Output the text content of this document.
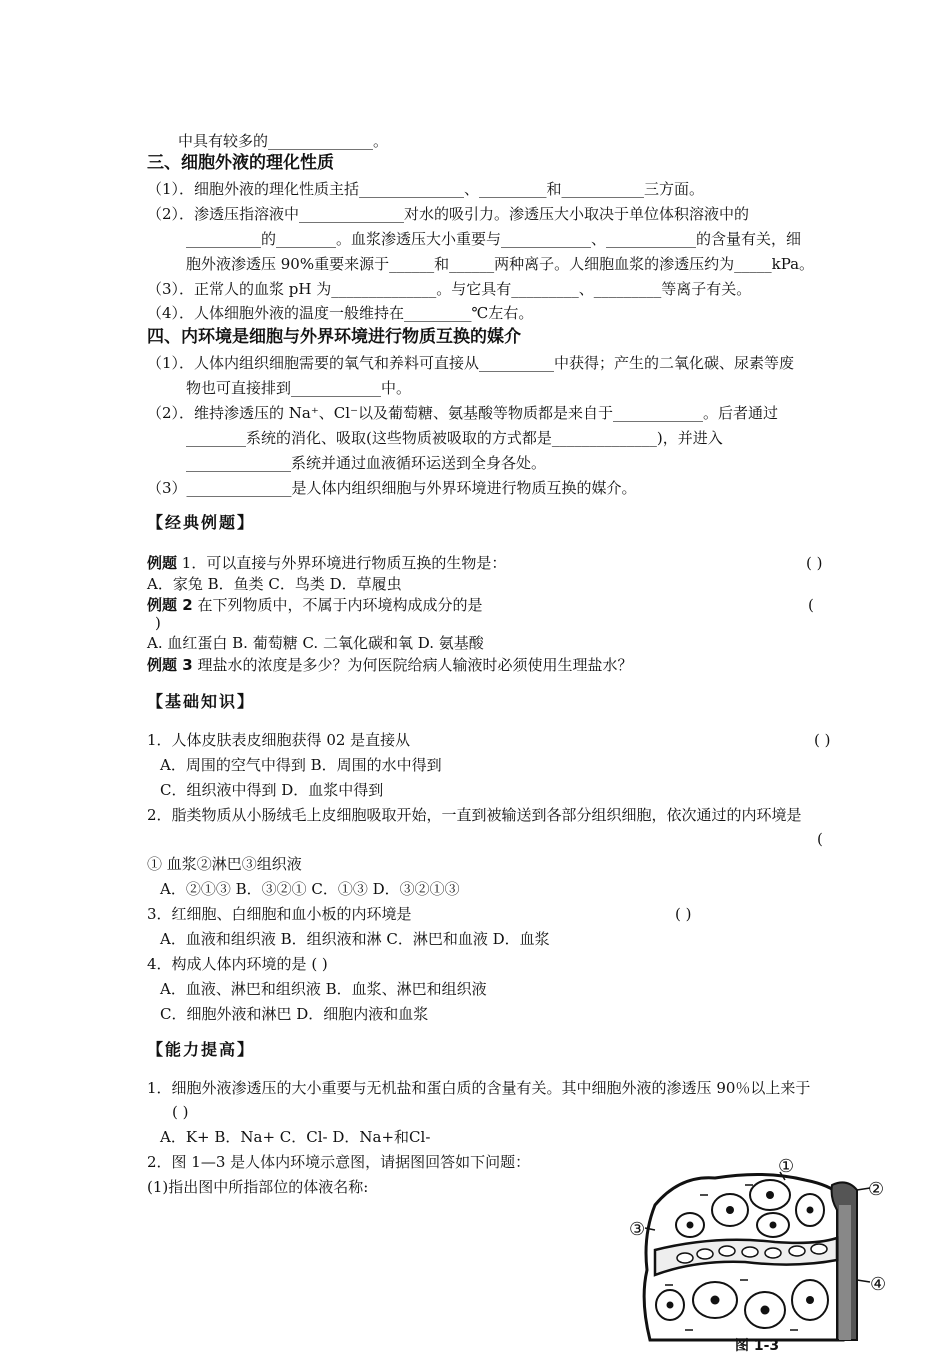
中具有较多的______________。
三、细胞外液的理化性质
（1）．细胞外液的理化性质主括______________、_________和___________三方面。
（2）．渗透压指溶液中______________对水的吸引力。渗透压大小取决于单位体积溶液中的
__________的________。血浆渗透压大小重要与____________、____________的含量有关，细
胞外液渗透压 90%重要来源于______和______两种离子。人细胞血浆的渗透压约为_____kPa。
（3）．正常人的血浆 pH 为______________。与它具有_________、_________等离子有关。
（4）．人体细胞外液的温度一般维持在_________℃左右。
四、内环境是细胞与外界环境进行物质互换的媒介
（1）．人体内组织细胞需要的氧气和养料可直接从__________中获得；产生的二氧化碳、尿素等废
物也可直接排到____________中。
（2）．维持渗透压的 Na⁺、Cl⁻以及葡萄糖、氨基酸等物质都是来自于____________。后者通过
________系统的消化、吸取(这些物质被吸取的方式都是______________)，并进入
______________系统并通过血液循环运送到全身各处。
（3）______________是人体内组织细胞与外界环境进行物质互换的媒介。
【经典例题】
例题 1．可以直接与外界环境进行物质互换的生物是：	( )
A．家兔 B．鱼类 C．鸟类 D．草履虫
例题 2 在下列物质中，不属于内环境构成成分的是	(
)
A. 血红蛋白 B. 葡萄糖 C. 二氧化碳和氧 D. 氨基酸
例题 3 理盐水的浓度是多少？为何医院给病人输液时必须使用生理盐水？
【基础知识】
1．人体皮肤表皮细胞获得 02 是直接从	( )
A．周围的空气中得到 B．周围的水中得到
C．组织液中得到 D．血浆中得到
2．脂类物质从小肠绒毛上皮细胞吸取开始，一直到被输送到各部分组织细胞，依次通过的内环境是
(
① 血浆②淋巴③组织液
A．②①③ B．③②① C．①③ D．③②①③
3．红细胞、白细胞和血小板的内环境是	( )
A．血液和组织液 B．组织液和淋 C．淋巴和血液 D．血浆
4．构成人体内环境的是 ( )
A．血液、淋巴和组织液 B．血浆、淋巴和组织液
C．细胞外液和淋巴 D．细胞内液和血浆
【能力提高】
1．细胞外液渗透压的大小重要与无机盐和蛋白质的含量有关。其中细胞外液的渗透压 90％以上来于
( )
A．K+ B．Na+ C．Cl- D．Na+和Cl-
2．图 1—3 是人体内环境示意图，请据图回答如下问题：
(1)指出图中所指部位的体液名称:
①
②
③
④
图 1-3
